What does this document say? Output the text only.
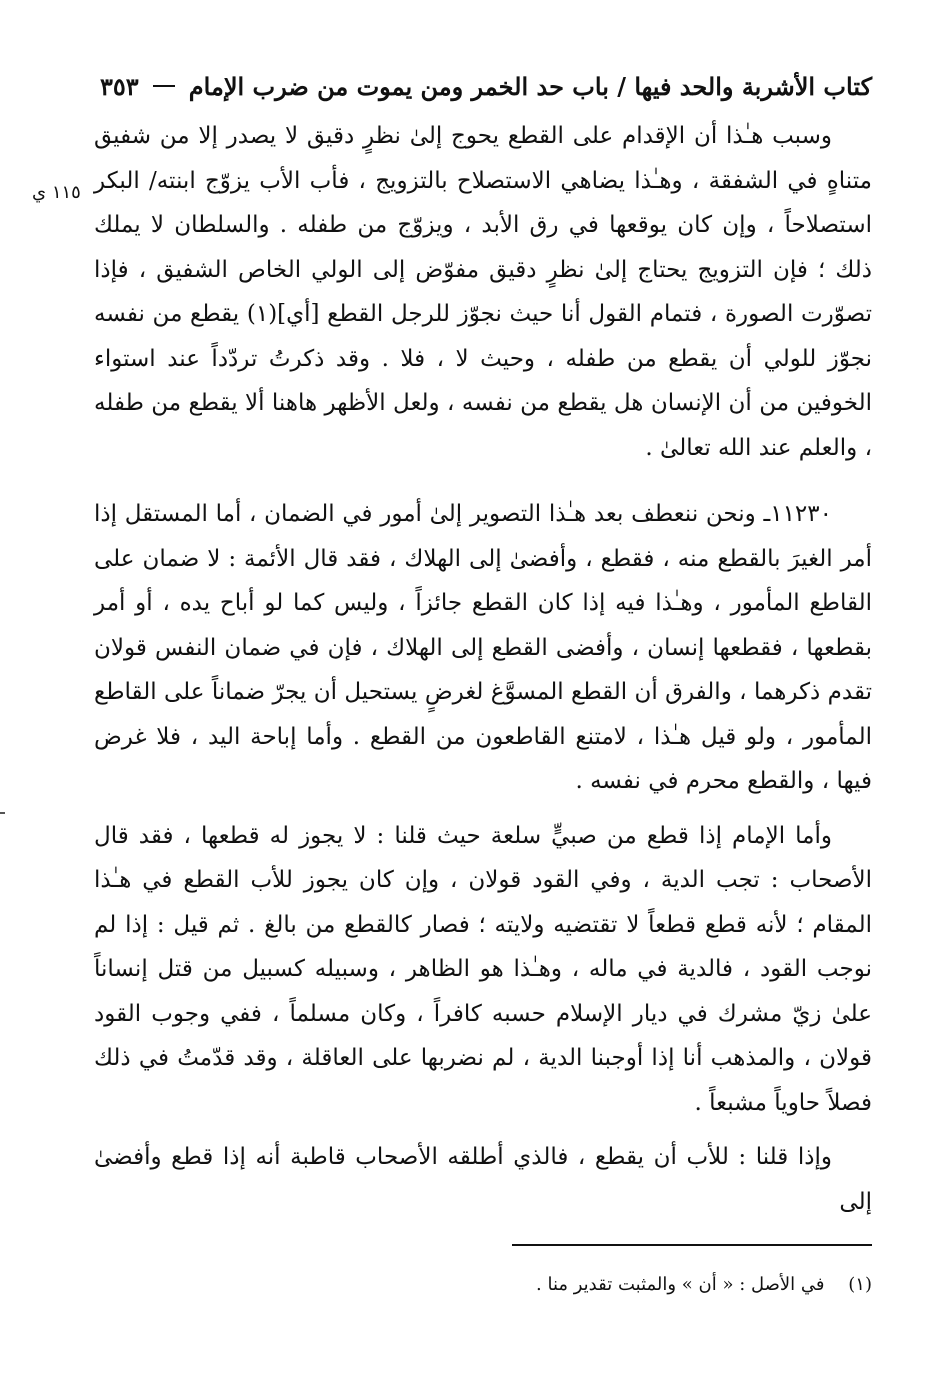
كتاب الأشربة والحد فيها / باب حد الخمر ومن يموت من ضرب الإمام
٣٥٣
١١٥ ي

وسبب هـٰذا أن الإقدام على القطع يحوج إلىٰ نظرٍ دقيق لا يصدر إلا من شفيق متناهٍ في الشفقة ، وهـٰذا يضاهي الاستصلاح بالتزويج ، فأب الأب يزوّج ابنته/ البكر استصلاحاً ، وإن كان يوقعها في رق الأبد ، ويزوّج من طفله . والسلطان لا يملك ذلك ؛ فإن التزويج يحتاج إلىٰ نظرٍ دقيق مفوّض إلى الولي الخاص الشفيق ، فإذا تصوّرت الصورة ، فتمام القول أنا حيث نجوّز للرجل القطع [أي](١) يقطع من نفسه نجوّز للولي أن يقطع من طفله ، وحيث لا ، فلا . وقد ذكرتُ تردّداً عند استواء الخوفين من أن الإنسان هل يقطع من نفسه ، ولعل الأظهر هاهنا ألا يقطع من طفله ، والعلم عند الله تعالىٰ .

١١٢٣٠ـ ونحن ننعطف بعد هـٰذا التصوير إلىٰ أمور في الضمان ، أما المستقل إذا أمر الغيرَ بالقطع منه ، فقطع ، وأفضىٰ إلى الهلاك ، فقد قال الأئمة : لا ضمان على القاطع المأمور ، وهـٰذا فيه إذا كان القطع جائزاً ، وليس كما لو أباح يده ، أو أمر بقطعها ، فقطعها إنسان ، وأفضى القطع إلى الهلاك ، فإن في ضمان النفس قولان تقدم ذكرهما ، والفرق أن القطع المسوَّغ لغرضٍ يستحيل أن يجرّ ضماناً على القاطع المأمور ، ولو قيل هـٰذا ، لامتنع القاطعون من القطع . وأما إباحة اليد ، فلا غرض فيها ، والقطع محرم في نفسه .

وأما الإمام إذا قطع من صبيٍّ سلعة حيث قلنا : لا يجوز له قطعها ، فقد قال الأصحاب : تجب الدية ، وفي القود قولان ، وإن كان يجوز للأب القطع في هـٰذا المقام ؛ لأنه قطع قطعاً لا تقتضيه ولايته ؛ فصار كالقطع من بالغ . ثم قيل : إذا لم نوجب القود ، فالدية في ماله ، وهـٰذا هو الظاهر ، وسبيله كسبيل من قتل إنساناً علىٰ زيّ مشرك في ديار الإسلام حسبه كافراً ، وكان مسلماً ، ففي وجوب القود قولان ، والمذهب أنا إذا أوجبنا الدية ، لم نضربها على العاقلة ، وقد قدّمتُ في ذلك فصلاً حاوياً مشبعاً .

وإذا قلنا : للأب أن يقطع ، فالذي أطلقه الأصحاب قاطبة أنه إذا قطع وأفضىٰ إلى

(١) في الأصل : « أن » والمثبت تقدير منا .
